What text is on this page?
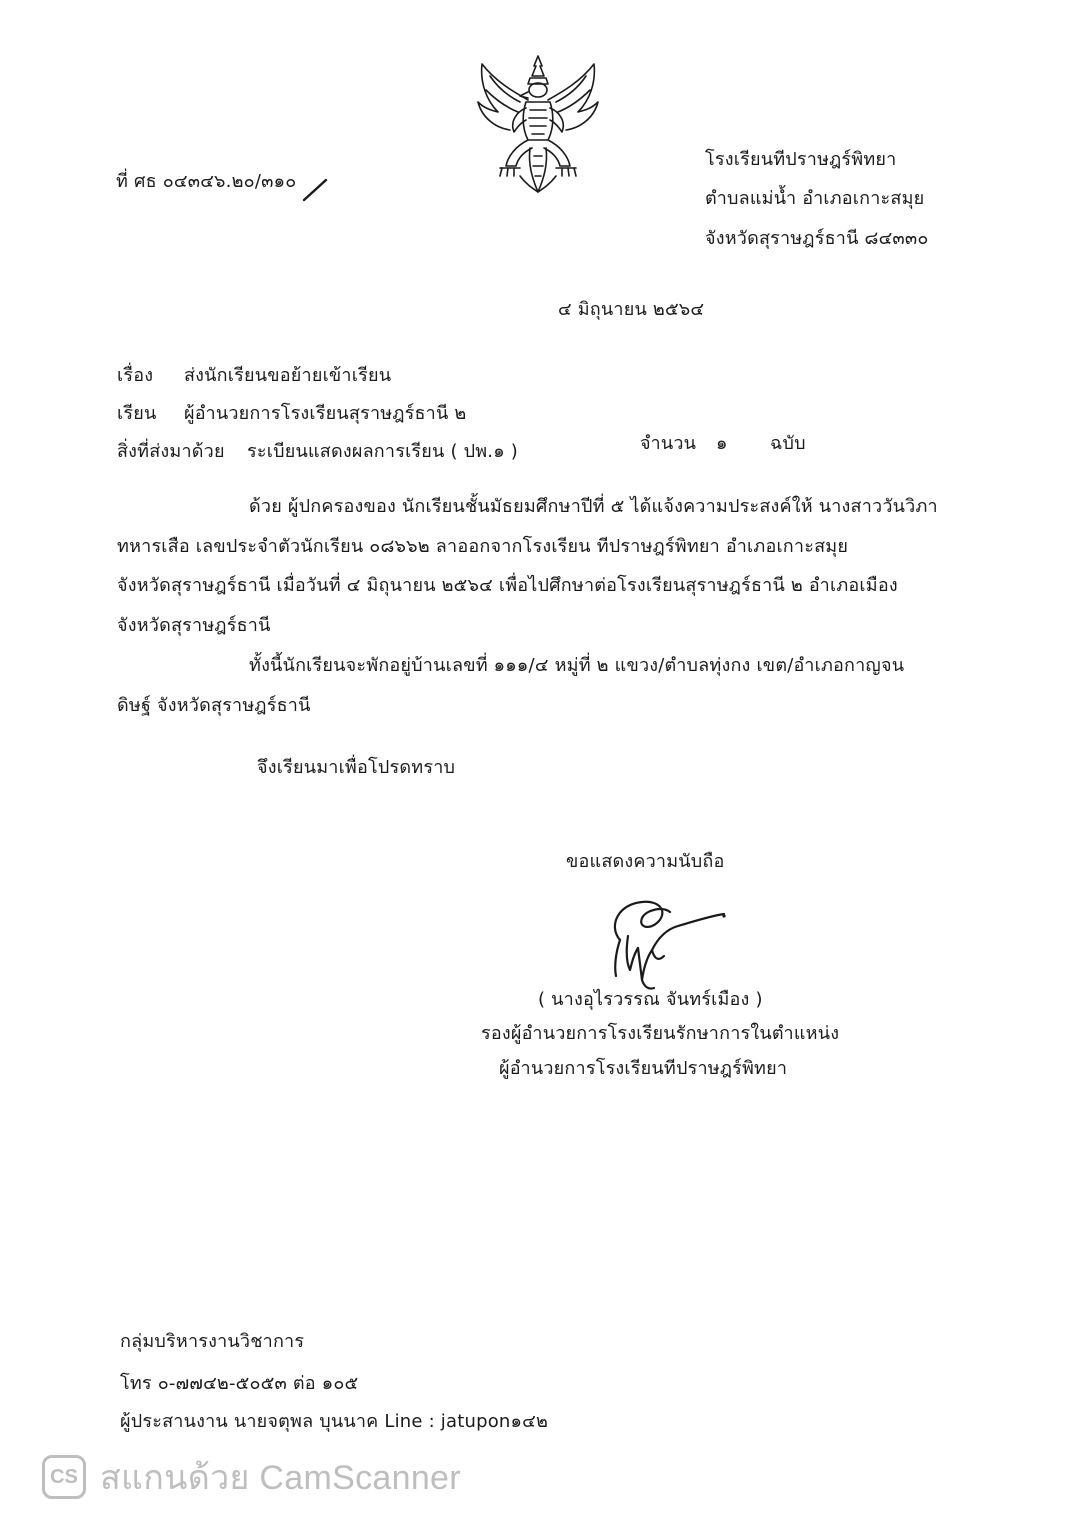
ที่ ศธ ๐๔๓๔๖.๒๐/๓๑๐
โรงเรียนทีปราษฎร์พิทยา
ตำบลแม่น้ำ อำเภอเกาะสมุย
จังหวัดสุราษฎร์ธานี ๘๔๓๓๐
๔ มิถุนายน ๒๕๖๔
เรื่อง ส่งนักเรียนขอย้ายเข้าเรียน
เรียน ผู้อำนวยการโรงเรียนสุราษฎร์ธานี ๒
สิ่งที่ส่งมาด้วย ระเบียนแสดงผลการเรียน ( ปพ.๑ )	จำนวน ๑ ฉบับ
ด้วย ผู้ปกครองของ นักเรียนชั้นมัธยมศึกษาปีที่ ๕ ได้แจ้งความประสงค์ให้ นางสาววันวิภา
ทหารเสือ เลขประจำตัวนักเรียน ๐๘๖๖๒ ลาออกจากโรงเรียน ทีปราษฎร์พิทยา อำเภอเกาะสมุย
จังหวัดสุราษฎร์ธานี เมื่อวันที่ ๔ มิถุนายน ๒๕๖๔ เพื่อไปศึกษาต่อโรงเรียนสุราษฎร์ธานี ๒ อำเภอเมือง
จังหวัดสุราษฎร์ธานี
ทั้งนี้นักเรียนจะพักอยู่บ้านเลขที่ ๑๑๑/๔ หมู่ที่ ๒ แขวง/ตำบลทุ่งกง เขต/อำเภอกาญจน
ดิษฐ์ จังหวัดสุราษฎร์ธานี
จึงเรียนมาเพื่อโปรดทราบ
ขอแสดงความนับถือ
( นางอุไรวรรณ จันทร์เมือง )
รองผู้อำนวยการโรงเรียนรักษาการในตำแหน่ง
ผู้อำนวยการโรงเรียนทีปราษฎร์พิทยา
กลุ่มบริหารงานวิชาการ
โทร ๐-๗๗๔๒-๕๐๕๓ ต่อ ๑๐๕
ผู้ประสานงาน นายจตุพล บุนนาค Line : jatupon๑๔๒
CS สแกนด้วย CamScanner
